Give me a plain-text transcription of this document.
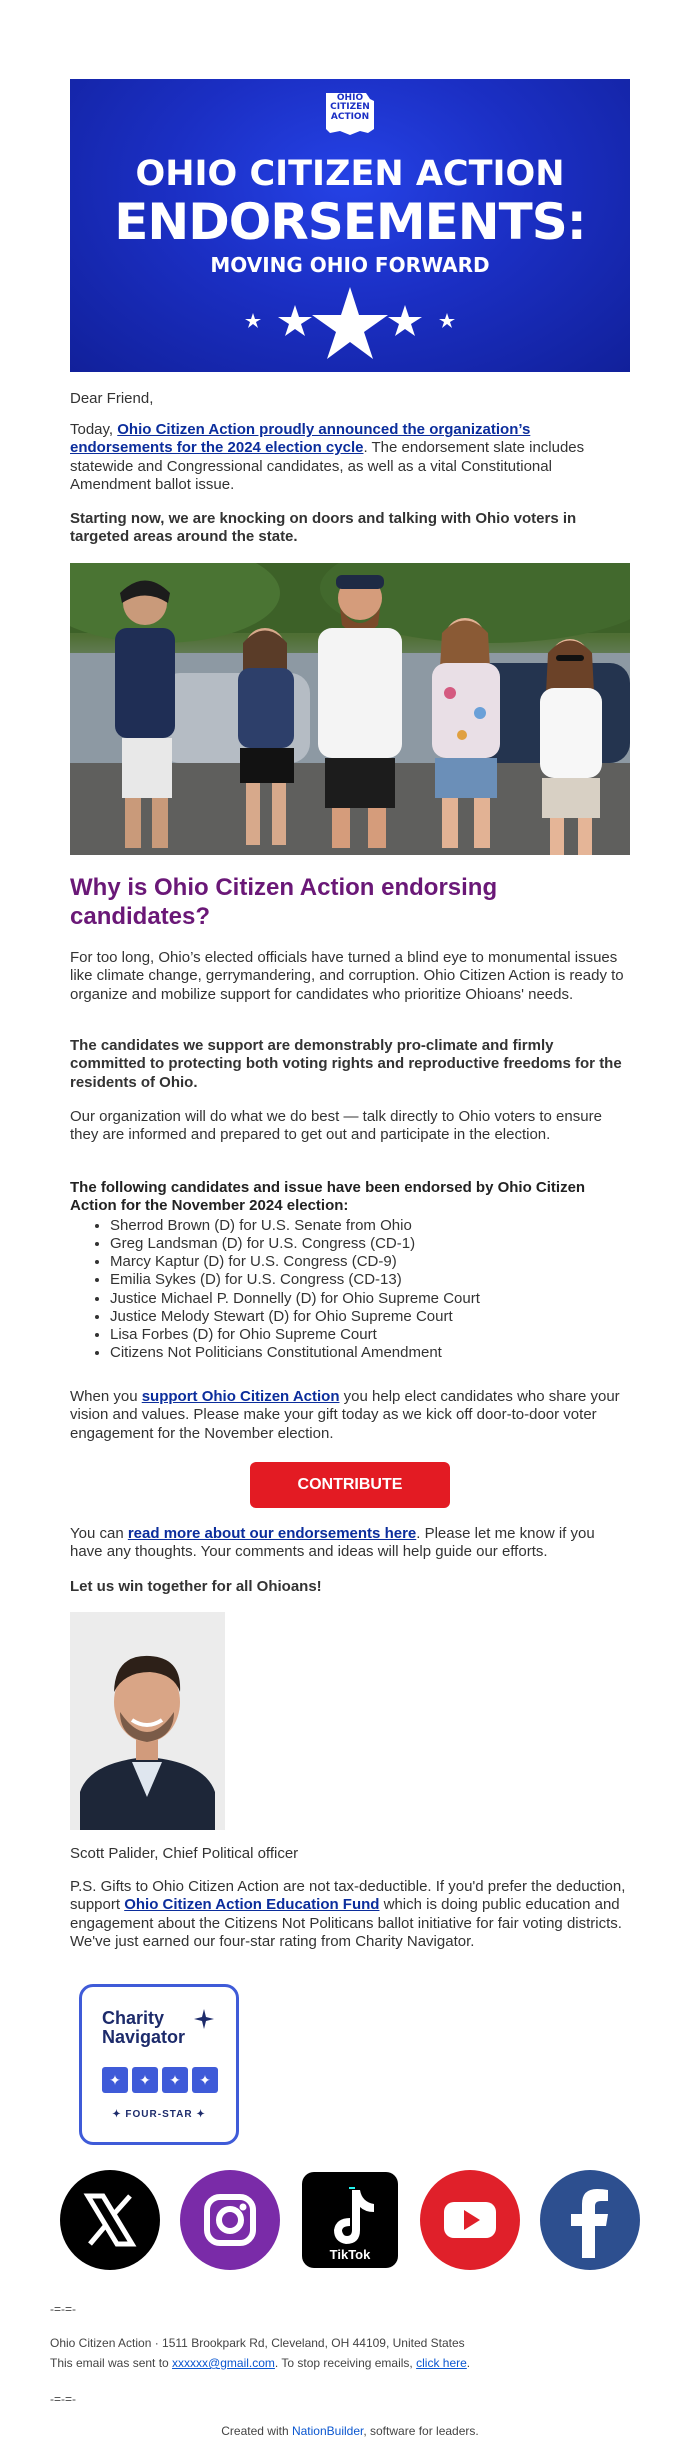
OHIO
CITIZEN
ACTION
OHIO CITIZEN ACTION
ENDORSEMENTS:
MOVING OHIO FORWARD

Dear Friend,

Today, Ohio Citizen Action proudly announced the organization’s endorsements for the 2024 election cycle. The endorsement slate includes statewide and Congressional candidates, as well as a vital Constitutional Amendment ballot issue.

Starting now, we are knocking on doors and talking with Ohio voters in targeted areas around the state.

Why is Ohio Citizen Action endorsing candidates?

For too long, Ohio’s elected officials have turned a blind eye to monumental issues like climate change, gerrymandering, and corruption. Ohio Citizen Action is ready to organize and mobilize support for candidates who prioritize Ohioans' needs.

The candidates we support are demonstrably pro-climate and firmly committed to protecting both voting rights and reproductive freedoms for the residents of Ohio.

Our organization will do what we do best — talk directly to Ohio voters to ensure they are informed and prepared to get out and participate in the election.

The following candidates and issue have been endorsed by Ohio Citizen Action for the November 2024 election:

• Sherrod Brown (D) for U.S. Senate from Ohio
• Greg Landsman (D) for U.S. Congress (CD-1)
• Marcy Kaptur (D) for U.S. Congress (CD-9)
• Emilia Sykes (D) for U.S. Congress (CD-13)
• Justice Michael P. Donnelly (D) for Ohio Supreme Court
• Justice Melody Stewart (D) for Ohio Supreme Court
• Lisa Forbes (D) for Ohio Supreme Court
• Citizens Not Politicians Constitutional Amendment

When you support Ohio Citizen Action you help elect candidates who share your vision and values. Please make your gift today as we kick off door-to-door voter engagement for the November election.

CONTRIBUTE

You can read more about our endorsements here. Please let me know if you have any thoughts. Your comments and ideas will help guide our efforts.

Let us win together for all Ohioans!

Scott Palider, Chief Political officer

P.S. Gifts to Ohio Citizen Action are not tax-deductible. If you'd prefer the deduction, support Ohio Citizen Action Education Fund which is doing public education and engagement about the Citizens Not Politicans ballot initiative for fair voting districts. We've just earned our four-star rating from Charity Navigator.

Charity
Navigator
✦	✦	✦	✦
✦ FOUR-STAR ✦
TikTok
-=-=-
Ohio Citizen Action · 1511 Brookpark Rd, Cleveland, OH 44109, United States
This email was sent to xxxxxx@gmail.com. To stop receiving emails, click here.
-=-=-
Created with NationBuilder, software for leaders.
